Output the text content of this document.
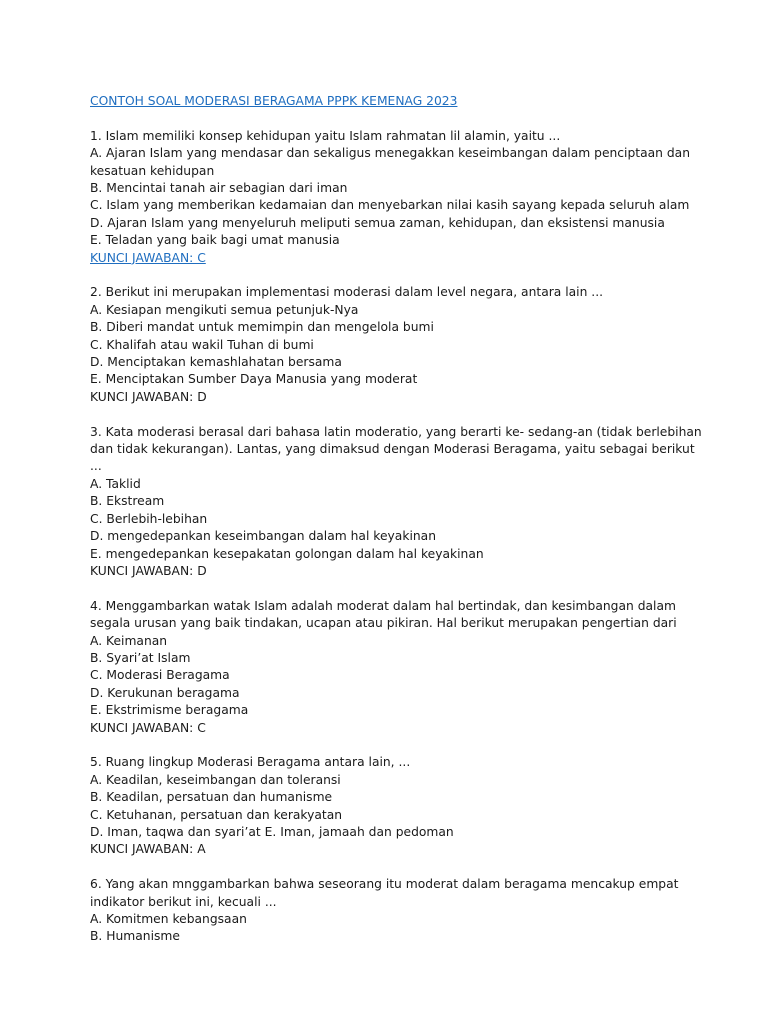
CONTOH SOAL MODERASI BERAGAMA PPPK KEMENAG 2023
1. Islam memiliki konsep kehidupan yaitu Islam rahmatan lil alamin, yaitu ...
A. Ajaran Islam yang mendasar dan sekaligus menegakkan keseimbangan dalam penciptaan dan kesatuan kehidupan
B. Mencintai tanah air sebagian dari iman
C. Islam yang memberikan kedamaian dan menyebarkan nilai kasih sayang kepada seluruh alam
D. Ajaran Islam yang menyeluruh meliputi semua zaman, kehidupan, dan eksistensi manusia
E. Teladan yang baik bagi umat manusia
KUNCI JAWABAN: C
2. Berikut ini merupakan implementasi moderasi dalam level negara, antara lain ...
A. Kesiapan mengikuti semua petunjuk-Nya
B. Diberi mandat untuk memimpin dan mengelola bumi
C. Khalifah atau wakil Tuhan di bumi
D. Menciptakan kemashlahatan bersama
E. Menciptakan Sumber Daya Manusia yang moderat
KUNCI JAWABAN: D
3. Kata moderasi berasal dari bahasa latin moderatio, yang berarti ke- sedang-an (tidak berlebihan dan tidak kekurangan). Lantas, yang dimaksud dengan Moderasi Beragama, yaitu sebagai berikut ...
A. Taklid
B. Ekstream
C. Berlebih-lebihan
D. mengedepankan keseimbangan dalam hal keyakinan
E. mengedepankan kesepakatan golongan dalam hal keyakinan
KUNCI JAWABAN: D
4. Menggambarkan watak Islam adalah moderat dalam hal bertindak, dan kesimbangan dalam segala urusan yang baik tindakan, ucapan atau pikiran. Hal berikut merupakan pengertian dari
A. Keimanan
B. Syari’at Islam
C. Moderasi Beragama
D. Kerukunan beragama
E. Ekstrimisme beragama
KUNCI JAWABAN: C
5. Ruang lingkup Moderasi Beragama antara lain, ...
A. Keadilan, keseimbangan dan toleransi
B. Keadilan, persatuan dan humanisme
C. Ketuhanan, persatuan dan kerakyatan
D. Iman, taqwa dan syari’at E. Iman, jamaah dan pedoman
KUNCI JAWABAN: A
6. Yang akan mnggambarkan bahwa seseorang itu moderat dalam beragama mencakup empat indikator berikut ini, kecuali ...
A. Komitmen kebangsaan
B. Humanisme
